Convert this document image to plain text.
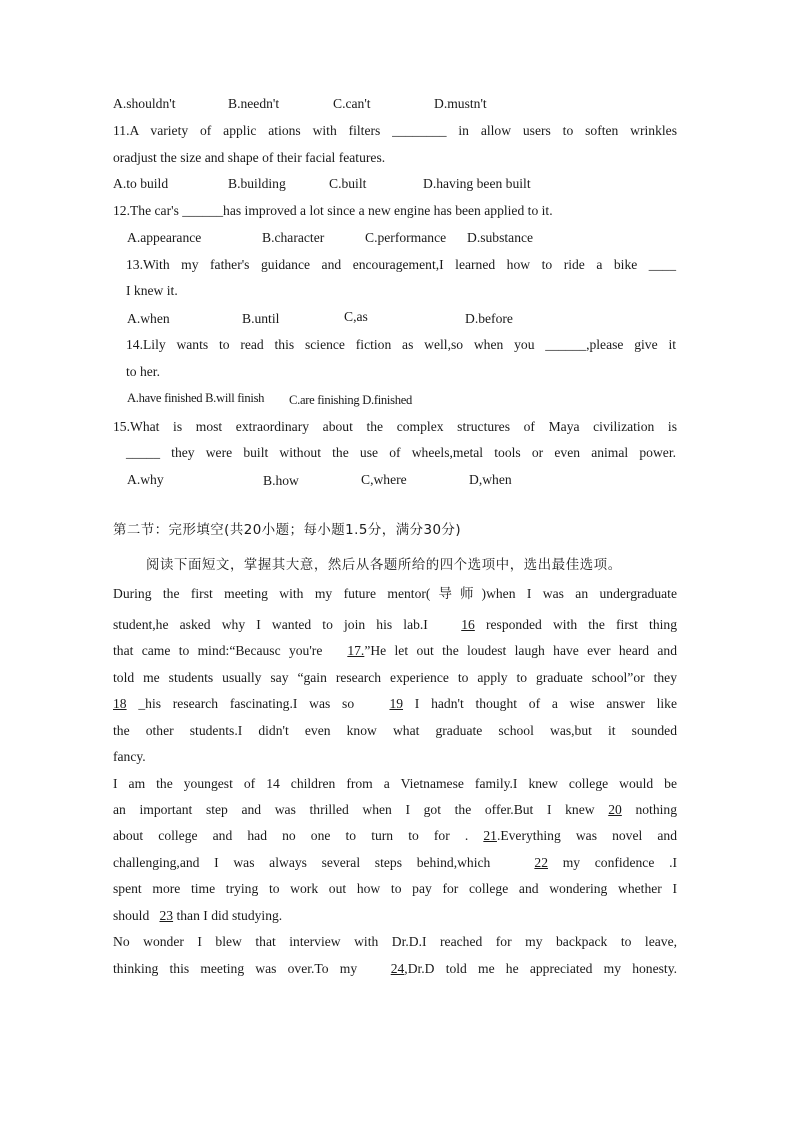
A.shouldn't	B.needn't	C.can't	D.mustn't
11.A variety of applic ations with filters ________ in allow users to soften wrinkles
oradjust the size and shape of their facial features.
A.to build	B.building	C.built	D.having been built
12.The car's ______has improved a lot since a new engine has been applied to it.
A.appearance	B.character	C.performance D.substance
13.With my father's guidance and encouragement,I learned how to ride a bike ____
I knew it.
A.when	B.until	C,as	D.before
14.Lily wants to read this science fiction as well,so when you ______,please give it
to her.
A.have finished B.will finish C.are finishing D.finished
15.What is most extraordinary about the complex structures of Maya civilization is
_____ they were built without the use of wheels,metal tools or even animal power.
A.why	B.how	C,where	D,when
第二节：完形填空(共20小题；每小题1.5分，满分30分)
阅读下面短文，掌握其大意，然后从各题所给的四个选项中，选出最佳选项。
During the first meeting with my future mentor(导师)when I was an undergraduate
student,he asked why I wanted to join his lab.I 16 responded with the first thing
that came to mind:“Becausc you're 17.”He let out the loudest laugh have ever heard and
told me students usually say “gain research experience to apply to graduate school”or they
18 _his research fascinating.I was so	19 I hadn't thought of a wise answer like
the other students.I didn't even know what graduate school was,but it sounded
fancy.
I am the youngest of 14 children from a Vietnamese family.I knew college would be
an important step and was thrilled when I got the offer.But I knew 20 nothing
about college and had no one to turn to for . 21.Everything was novel and
challenging,and I was always several steps behind,which	22 my confidence .I
spent more time trying to work out how to pay for college and wondering whether I
should 23 than I did studying.
No wonder I blew that interview with Dr.D.I reached for my backpack to leave,
thinking this meeting was over.To my 24,Dr.D told me he appreciated my honesty.
